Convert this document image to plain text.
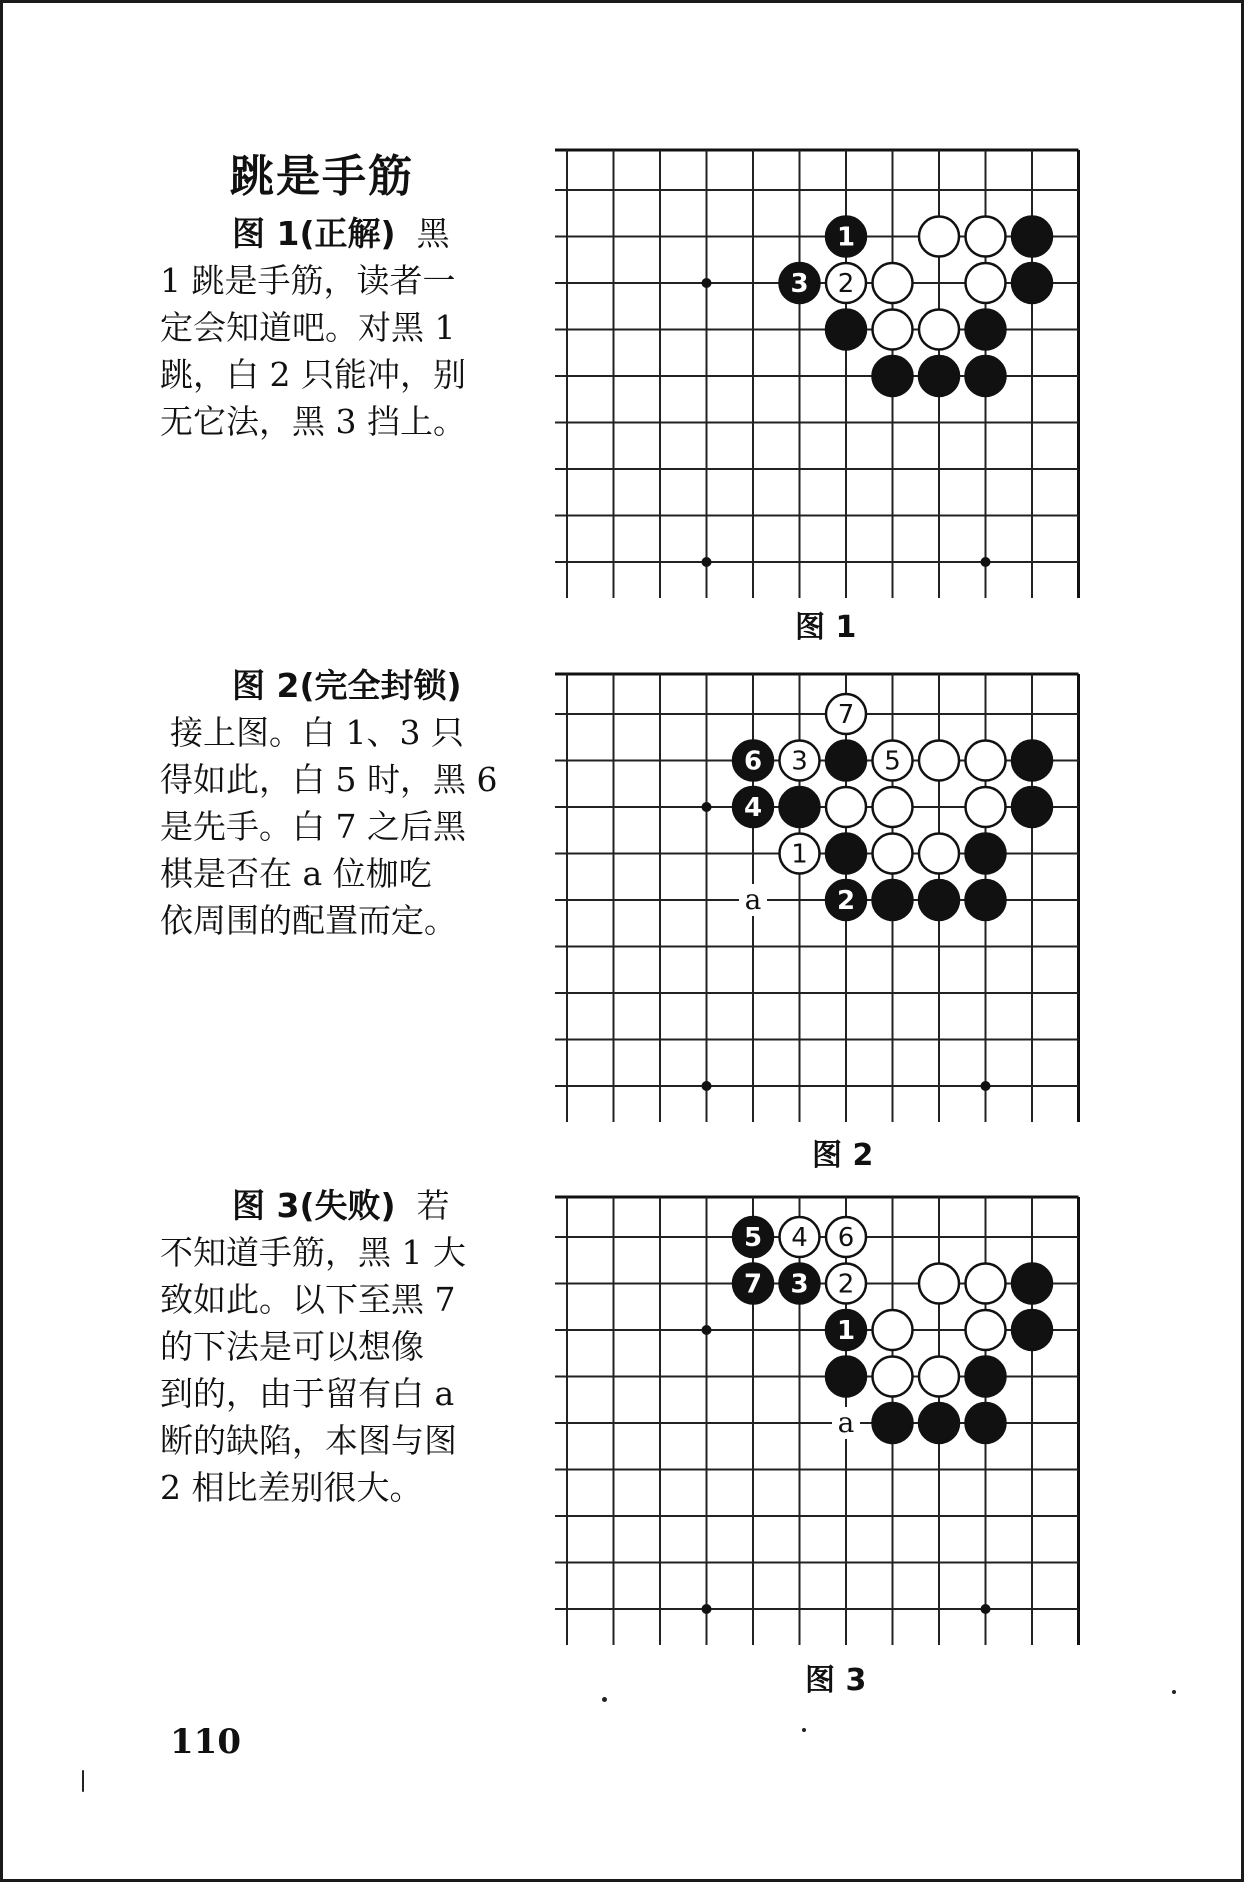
跳是手筋
图 1(正解) 黑
1 跳是手筋，读者一
定会知道吧。对黑 1
跳，白 2 只能冲，别
无它法，黑 3 挡上。
图 2(完全封锁)
接上图。白 1、3 只
得如此，白 5 时，黑 6
是先手。白 7 之后黑
棋是否在 a 位枷吃
依周围的配置而定。
图 3(失败) 若
不知道手筋，黑 1 大
致如此。以下至黑 7
的下法是可以想像
到的，由于留有白 a
断的缺陷，本图与图
2 相比差别很大。
1
3 2
图 1
a
7
6 3	5
4
1
2
图 2
a
5 4 6
7 3 2
1
图 3
110
